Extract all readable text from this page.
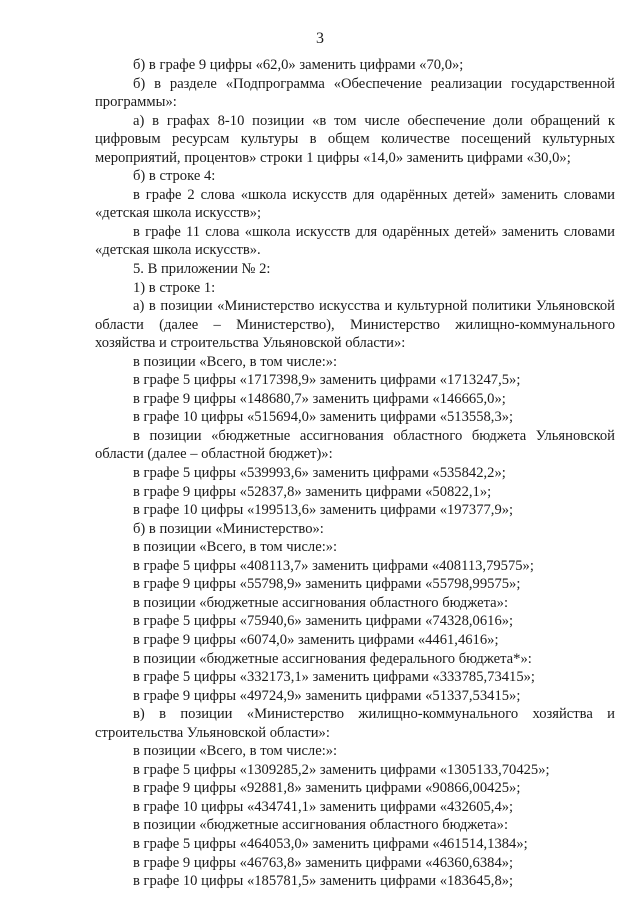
3

б) в графе 9 цифры «62,0» заменить цифрами «70,0»;

б) в разделе «Подпрограмма «Обеспечение реализации государственной программы»:

а) в графах 8-10 позиции «в том числе обеспечение доли обращений к цифровым ресурсам культуры в общем количестве посещений культурных мероприятий, процентов» строки 1 цифры «14,0» заменить цифрами «30,0»;

б) в строке 4:

в графе 2 слова «школа искусств для одарённых детей» заменить словами «детская школа искусств»;

в графе 11 слова «школа искусств для одарённых детей» заменить словами «детская школа искусств».

5. В приложении № 2:

1) в строке 1:

а) в позиции «Министерство искусства и культурной политики Ульяновской области (далее – Министерство), Министерство жилищно-коммунального хозяйства и строительства Ульяновской области»:

в позиции «Всего, в том числе:»:

в графе 5 цифры «1717398,9» заменить цифрами «1713247,5»;

в графе 9 цифры «148680,7» заменить цифрами «146665,0»;

в графе 10 цифры «515694,0» заменить цифрами «513558,3»;

в позиции «бюджетные ассигнования областного бюджета Ульяновской области (далее – областной бюджет)»:

в графе 5 цифры «539993,6» заменить цифрами «535842,2»;

в графе 9 цифры «52837,8» заменить цифрами «50822,1»;

в графе 10 цифры «199513,6» заменить цифрами «197377,9»;

б) в позиции «Министерство»:

в позиции «Всего, в том числе:»:

в графе 5 цифры «408113,7» заменить цифрами «408113,79575»;

в графе 9 цифры «55798,9» заменить цифрами «55798,99575»;

в позиции «бюджетные ассигнования областного бюджета»:

в графе 5 цифры «75940,6» заменить цифрами «74328,0616»;

в графе 9 цифры «6074,0» заменить цифрами «4461,4616»;

в позиции «бюджетные ассигнования федерального бюджета*»:

в графе 5 цифры «332173,1» заменить цифрами «333785,73415»;

в графе 9 цифры «49724,9» заменить цифрами «51337,53415»;

в) в позиции «Министерство жилищно-коммунального хозяйства и строительства Ульяновской области»:

в позиции «Всего, в том числе:»:

в графе 5 цифры «1309285,2» заменить цифрами «1305133,70425»;

в графе 9 цифры «92881,8» заменить цифрами «90866,00425»;

в графе 10 цифры «434741,1» заменить цифрами «432605,4»;

в позиции «бюджетные ассигнования областного бюджета»:

в графе 5 цифры «464053,0» заменить цифрами «461514,1384»;

в графе 9 цифры «46763,8» заменить цифрами «46360,6384»;

в графе 10 цифры «185781,5» заменить цифрами «183645,8»;
